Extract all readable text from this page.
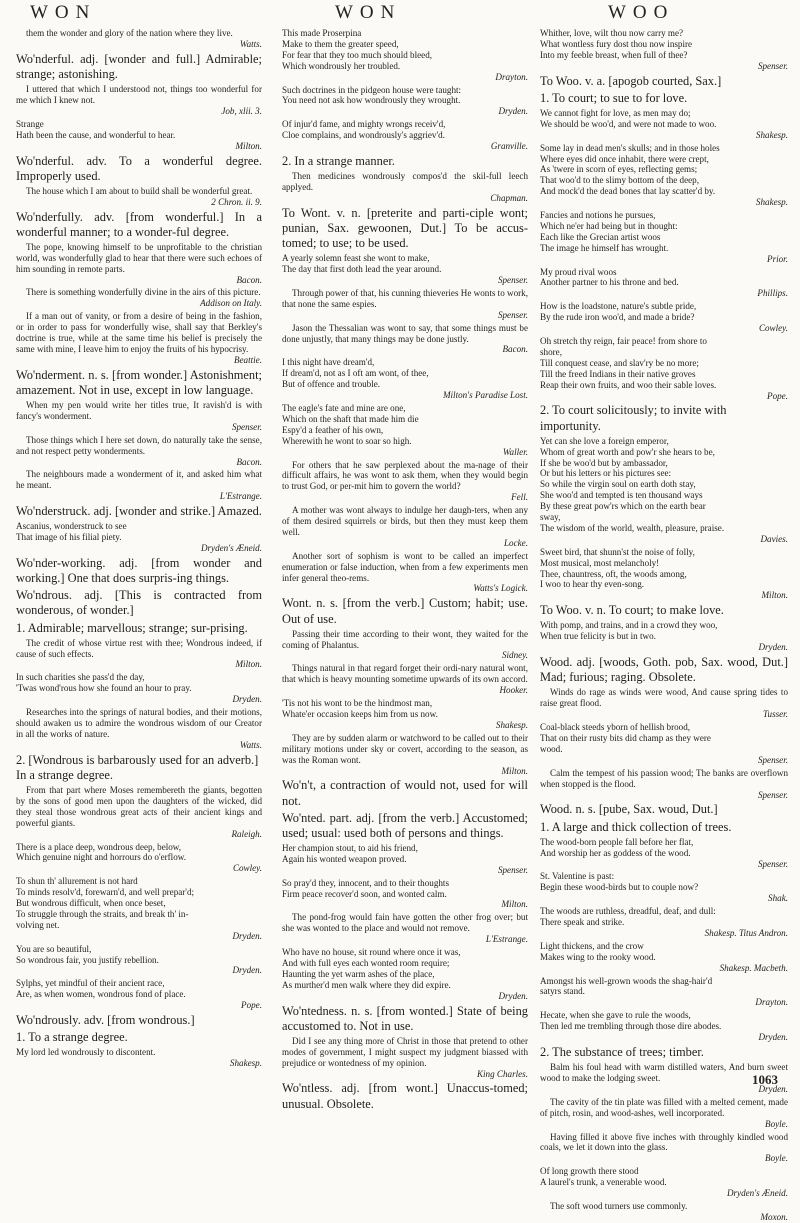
WON	WON	WOO

them the wonder and glory of the nation where they live.

Watts.

Wo'nderful. adj. [wonder and full.] Admirable; strange; astonishing.

I uttered that which I understood not, things too wonderful for me which I knew not.

Job, xlii. 3.

Strange

Hath been the cause, and wonderful to hear.

Milton.

Wo'nderful. adv. To a wonderful degree. Improperly used.

The house which I am about to build shall be wonderful great.

2 Chron. ii. 9.

Wo'nderfully. adv. [from wonderful.] In a wonderful manner; to a wonder-ful degree.

The pope, knowing himself to be unprofitable to the christian world, was wonderfully glad to hear that there were such echoes of him sounding in remote parts.

Bacon.

There is something wonderfully divine in the airs of this picture.

Addison on Italy.

If a man out of vanity, or from a desire of being in the fashion, or in order to pass for wonderfully wise, shall say that Berkley's doctrine is true, while at the same time his belief is precisely the same with mine, I leave him to enjoy the fruits of his hypocrisy.

Beattie.

Wo'nderment. n. s. [from wonder.] Astonishment; amazement. Not in use, except in low language.

When my pen would write her titles true, It ravish'd is with fancy's wonderment.

Spenser.

Those things which I here set down, do naturally take the sense, and not respect petty wonderments.

Bacon.

The neighbours made a wonderment of it, and asked him what he meant.

L'Estrange.

Wo'nderstruck. adj. [wonder and strike.] Amazed.

Ascanius, wonderstruck to see

That image of his filial piety.

Dryden's Æneid.

Wo'nder-working. adj. [from wonder and working.] One that does surpris-ing things.

Wo'ndrous. adj. [This is contracted from wonderous, of wonder.]

1. Admirable; marvellous; strange; sur-prising.

The credit of whose virtue rest with thee; Wondrous indeed, if cause of such effects.

Milton.

In such charities she pass'd the day,

'Twas wond'rous how she found an hour to pray.

Dryden.

Researches into the springs of natural bodies, and their motions, should awaken us to admire the wondrous wisdom of our Creator in all the works of nature.

Watts.

2. [Wondrous is barbarously used for an adverb.] In a strange degree.

From that part where Moses remembereth the giants, begotten by the sons of good men upon the daughters of the wicked, did they steal those wondrous great acts of their ancient kings and powerful giants.

Raleigh.

There is a place deep, wondrous deep, below,

Which genuine night and horrours do o'erflow.

Cowley.

To shun th' allurement is not hard

To minds resolv'd, forewarn'd, and well prepar'd;

But wondrous difficult, when once beset,

To struggle through the straits, and break th' in-

volving net.

Dryden.

You are so beautiful,

So wondrous fair, you justify rebellion.

Dryden.

Sylphs, yet mindful of their ancient race,

Are, as when women, wondrous fond of place.

Pope.

Wo'ndrously. adv. [from wondrous.]

1. To a strange degree.

My lord led wondrously to discontent.

Shakesp.

This made Proserpina

Make to them the greater speed,

For fear that they too much should bleed,

Which wondrously her troubled.

Drayton.

Such doctrines in the pidgeon house were taught:

You need not ask how wondrously they wrought.

Dryden.

Of injur'd fame, and mighty wrongs receiv'd,

Cloe complains, and wondrously's aggriev'd.

Granville.

2. In a strange manner.

Then medicines wondrously compos'd the skil-full leech applyed.

Chapman.

To Wont. v. n. [preterite and parti-ciple wont; punian, Sax. gewoonen, Dut.] To be accus-tomed; to use; to be used.

A yearly solemn feast she wont to make,

The day that first doth lead the year around.

Spenser.

Through power of that, his cunning thieveries He wonts to work, that none the same espies.

Spenser.

Jason the Thessalian was wont to say, that some things must be done unjustly, that many things may be done justly.

Bacon.

I this night have dream'd,

If dream'd, not as I oft am wont, of thee,

But of offence and trouble.

Milton's Paradise Lost.

The eagle's fate and mine are one,

Which on the shaft that made him die

Espy'd a feather of his own,

Wherewith he wont to soar so high.

Waller.

For others that he saw perplexed about the ma-nage of their difficult affairs, he was wont to ask them, when they would begin to trust God, or per-mit him to govern the world?

Fell.

A mother was wont always to indulge her daugh-ters, when any of them desired squirrels or birds, but then they must keep them well.

Locke.

Another sort of sophism is wont to be called an imperfect enumeration or false induction, when from a few experiments men infer general theo-rems.

Watts's Logick.

Wont. n. s. [from the verb.] Custom; habit; use. Out of use.

Passing their time according to their wont, they waited for the coming of Phalantus.

Sidney.

Things natural in that regard forget their ordi-nary natural wont, that which is heavy mounting sometime upwards of its own accord.

Hooker.

'Tis not his wont to be the hindmost man,

Whate'er occasion keeps him from us now.

Shakesp.

They are by sudden alarm or watchword to be called out to their military motions under sky or covert, according to the season, as was the Roman wont.

Milton.

Wo'n't, a contraction of would not, used for will not.

Wo'nted. part. adj. [from the verb.] Accustomed; used; usual: used both of persons and things.

Her champion stout, to aid his friend,

Again his wonted weapon proved.

Spenser.

So pray'd they, innocent, and to their thoughts

Firm peace recover'd soon, and wonted calm.

Milton.

The pond-frog would fain have gotten the other frog over; but she was wonted to the place and would not remove.

L'Estrange.

Who have no house, sit round where once it was,

And with full eyes each wonted room require;

Haunting the yet warm ashes of the place,

As murther'd men walk where they did expire.

Dryden.

Wo'ntedness. n. s. [from wonted.] State of being accustomed to. Not in use.

Did I see any thing more of Christ in those that pretend to other modes of government, I might suspect my judgment biassed with prejudice or wontedness of my opinion.

King Charles.

Wo'ntless. adj. [from wont.] Unaccus-tomed; unusual. Obsolete.

Whither, love, wilt thou now carry me?

What wontless fury dost thou now inspire

Into my feeble breast, when full of thee?

Spenser.

To Woo. v. a. [apogob courted, Sax.]

1. To court; to sue to for love.

We cannot fight for love, as men may do;

We should be woo'd, and were not made to woo.

Shakesp.

Some lay in dead men's skulls; and in those holes

Where eyes did once inhabit, there were crept,

As 'twere in scorn of eyes, reflecting gems;

That woo'd to the slimy bottom of the deep,

And mock'd the dead bones that lay scatter'd by.

Shakesp.

Fancies and notions he pursues,

Which ne'er had being but in thought:

Each like the Grecian artist woos

The image he himself has wrought.

Prior.

My proud rival woos

Another partner to his throne and bed.

Phillips.

How is the loadstone, nature's subtle pride,

By the rude iron woo'd, and made a bride?

Cowley.

Oh stretch thy reign, fair peace! from shore to

shore,

Till conquest cease, and slav'ry be no more;

Till the freed Indians in their native groves

Reap their own fruits, and woo their sable loves.

Pope.

2. To court solicitously; to invite with importunity.

Yet can she love a foreign emperor,

Whom of great worth and pow'r she hears to be,

If she be woo'd but by ambassador,

Or but his letters or his pictures see:

So while the virgin soul on earth doth stay,

She woo'd and tempted is ten thousand ways

By these great pow'rs which on the earth bear

sway,

The wisdom of the world, wealth, pleasure, praise.

Davies.

Sweet bird, that shunn'st the noise of folly,

Most musical, most melancholy!

Thee, chauntress, oft, the woods among,

I woo to hear thy even-song.

Milton.

To Woo. v. n. To court; to make love.

With pomp, and trains, and in a crowd they woo,

When true felicity is but in two.

Dryden.

Wood. adj. [woods, Goth. pob, Sax. wood, Dut.] Mad; furious; raging. Obsolete.

Winds do rage as winds were wood, And cause spring tides to raise great flood.

Tusser.

Coal-black steeds yborn of hellish brood,

That on their rusty bits did champ as they were

wood.

Spenser.

Calm the tempest of his passion wood; The banks are overflown when stopped is the flood.

Spenser.

Wood. n. s. [pube, Sax. woud, Dut.]

1. A large and thick collection of trees.

The wood-born people fall before her flat,

And worship her as goddess of the wood.

Spenser.

St. Valentine is past:

Begin these wood-birds but to couple now?

Shak.

The woods are ruthless, dreadful, deaf, and dull:

There speak and strike.

Shakesp. Titus Andron.

Light thickens, and the crow

Makes wing to the rooky wood.

Shakesp. Macbeth.

Amongst his well-grown woods the shag-hair'd

satyrs stand.

Drayton.

Hecate, when she gave to rule the woods,

Then led me trembling through those dire abodes.

Dryden.

2. The substance of trees; timber.

Balm his foul head with warm distilled waters, And burn sweet wood to make the lodging sweet.

Dryden.

The cavity of the tin plate was filled with a melted cement, made of pitch, rosin, and wood-ashes, well incorporated.

Boyle.

Having filled it above five inches with throughly kindled wood coals, we let it down into the glass.

Boyle.

Of long growth there stood

A laurel's trunk, a venerable wood.

Dryden's Æneid.

The soft wood turners use commonly.

Moxon.

1063
